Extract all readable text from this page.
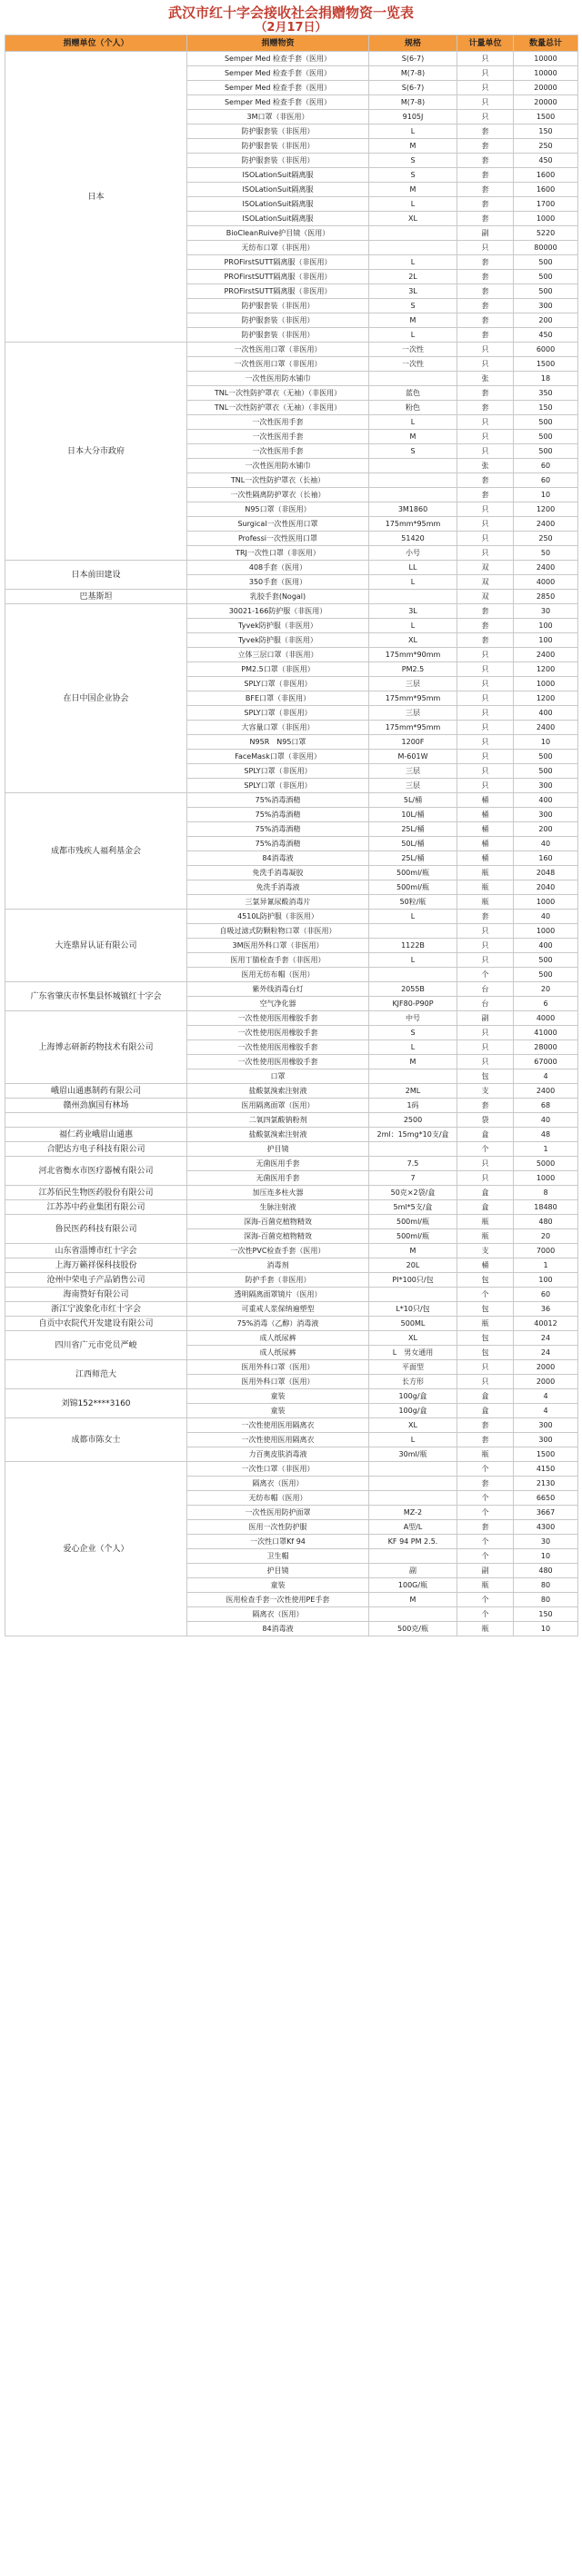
武汉市红十字会接收社会捐赠物资一览表
（2月17日）
捐赠单位（个人）	捐赠物资	规格	计量单位	数量总计
日本	Semper Med 检查手套（医用）	S(6-7)	只	10000
	Semper Med 检查手套（医用）	M(7-8)	只	10000
	Semper Med 检查手套（医用）	S(6-7)	只	20000
	Semper Med 检查手套（医用）	M(7-8)	只	20000
	3M口罩（非医用）	9105J	只	1500
	防护服套装（非医用）	L	套	150
	防护服套装（非医用）	M	套	250
	防护服套装（非医用）	S	套	450
	ISOLationSuit隔离服	S	套	1600
	ISOLationSuit隔离服	M	套	1600
	ISOLationSuit隔离服	L	套	1700
	ISOLationSuit隔离服	XL	套	1000
	BioCleanRuive护目镜（医用）		副	5220
	无纺布口罩（非医用）		只	80000
	PROFirstSUTT隔离服（非医用）	L	套	500
	PROFirstSUTT隔离服（非医用）	2L	套	500
	PROFirstSUTT隔离服（非医用）	3L	套	500
	防护服套装（非医用）	S	套	300
	防护服套装（非医用）	M	套	200
	防护服套装（非医用）	L	套	450
日本大分市政府	一次性医用口罩（非医用）	一次性	只	6000
	一次性医用口罩（非医用）	一次性	只	1500
	一次性医用防水铺巾		张	18
	TNL一次性防护罩衣（无袖）（非医用）	蓝色	套	350
	TNL一次性防护罩衣（无袖）（非医用）	粉色	套	150
	一次性医用手套	L	只	500
	一次性医用手套	M	只	500
	一次性医用手套	S	只	500
	一次性医用防水铺巾		张	60
	TNL一次性防护罩衣（长袖）		套	60
	一次性隔离防护罩衣（长袖）		套	10
	N95口罩（非医用）	3M1860	只	1200
	Surgical一次性医用口罩	175mm*95mm	只	2400
	Professi一次性医用口罩	51420	只	250
	TRJ一次性口罩（非医用）	小号	只	50
日本前田建设	408手套（医用）	LL	双	2400
	350手套（医用）	L	双	4000
巴基斯坦	乳胶手套(Nogal)		双	2850
在日中国企业协会	30021-166防护服（非医用）	3L	套	30
	Tyvek防护服（非医用）	L	套	100
	Tyvek防护服（非医用）	XL	套	100
	立体三层口罩（非医用）	175mm*90mm	只	2400
	PM2.5口罩（非医用）	PM2.5	只	1200
	SPLY口罩（非医用）	三层	只	1000
	BFE口罩（非医用）	175mm*95mm	只	1200
	SPLY口罩（非医用）	三层	只	400
	大容量口罩（非医用）	175mm*95mm	只	2400
	N95R　N95口罩	1200F	只	10
	FaceMask口罩（非医用）	M-601W	只	500
	SPLY口罩（非医用）	三层	只	500
	SPLY口罩（非医用）	三层	只	300
成都市残疾人福利基金会	75%消毒酒精	5L/桶	桶	400
	75%消毒酒精	10L/桶	桶	300
	75%消毒酒精	25L/桶	桶	200
	75%消毒酒精	50L/桶	桶	40
	84消毒液	25L/桶	桶	160
	免洗手消毒凝胶	500ml/瓶	瓶	2048
	免洗手消毒液	500ml/瓶	瓶	2040
	三氯异氰尿酸消毒片	50粒/瓶	瓶	1000
大连鼎昇认证有限公司	4510L防护服（非医用）	L	套	40
	自吸过滤式防颗粒物口罩（非医用）		只	1000
	3M医用外科口罩（非医用）	1122B	只	400
	医用丁腈检查手套（非医用）	L	只	500
	医用无纺布帽（医用）		个	500
广东省肇庆市怀集县怀城镇红十字会	紫外线消毒台灯	2055B	台	20
	空气净化器	KJF80-P90P	台	6
上海博志研新药物技术有限公司	一次性使用医用橡胶手套	中号	副	4000
	一次性使用医用橡胶手套	S	只	41000
	一次性使用医用橡胶手套	L	只	28000
	一次性使用医用橡胶手套	M	只	67000
	口罩		包	4
峨眉山通惠制药有限公司	盐酸氨溴索注射液	2ML	支	2400
赣州劲旗国有林场	医用隔离面罩（医用）	1码	套	68
	二氧四氯酸钠粉剂	2500	袋	40
福仁药业峨眉山通惠	盐酸氨溴索注射液	2ml：15mg*10支/盒	盒	48
合肥达方电子科技有限公司	护目镜		个	1
河北省衡水市医疗器械有限公司	无菌医用手套	7.5	只	5000
	无菌医用手套	7	只	1000
江苏佰民生物医药股份有限公司	加压连多柱火器	50克×2袋/盒	盒	8
江苏苏中药业集团有限公司	生脉注射液	5ml*5支/盒	盒	18480
鲁民医药科技有限公司	深海-百菌克植物精效	500ml/瓶	瓶	480
	深海-百菌克植物精效	500ml/瓶	瓶	20
山东省淄博市红十字会	一次性PVC检查手套（医用）	M	支	7000
上海万籁祥保科技股份	消毒剂	20L	桶	1
沧州中荣电子产品销售公司	防护手套（非医用）	PI*100只/包	包	100
海南赞好有限公司	透明隔离面罩镜片（医用）		个	60
浙江宁波象化市红十字会	可重戒人浆保纳遍塑型	L*10只/包	包	36
自贡中农院代开发建设有限公司	75%消毒（乙醇）消毒液	500ML	瓶	40012
四川省广元市党员严峻	成人纸尿裤	XL	包	24
	成人纸尿裤	L　男女通用	包	24
江西师范大	医用外科口罩（医用）	平面型	只	2000
	医用外科口罩（医用）	长方形	只	2000
刘锦152****3160	童装	100g/盒	盒	4
	童装	100g/盒	盒	4
成都市陈女士	一次性使用医用隔离衣	XL	套	300
	一次性使用医用隔离衣	L	套	300
	力百奥皮肤消毒液	30ml/瓶	瓶	1500
爱心企业（个人）	一次性口罩（非医用）		个	4150
	隔离衣（医用）		套	2130
	无纺布帽（医用）		个	6650
	一次性医用防护面罩	MZ-2	个	3667
	医用一次性防护服	A型/L	套	4300
	一次性口罩Kf 94	KF 94 PM 2.5.	个	30
	卫生帽		个	10
	护目镜	副	副	480
	童装	100G/瓶	瓶	80
	医用检查手套一次性使用PE手套	M	个	80
	隔离衣（医用）		个	150
	84消毒液	500克/瓶	瓶	10
